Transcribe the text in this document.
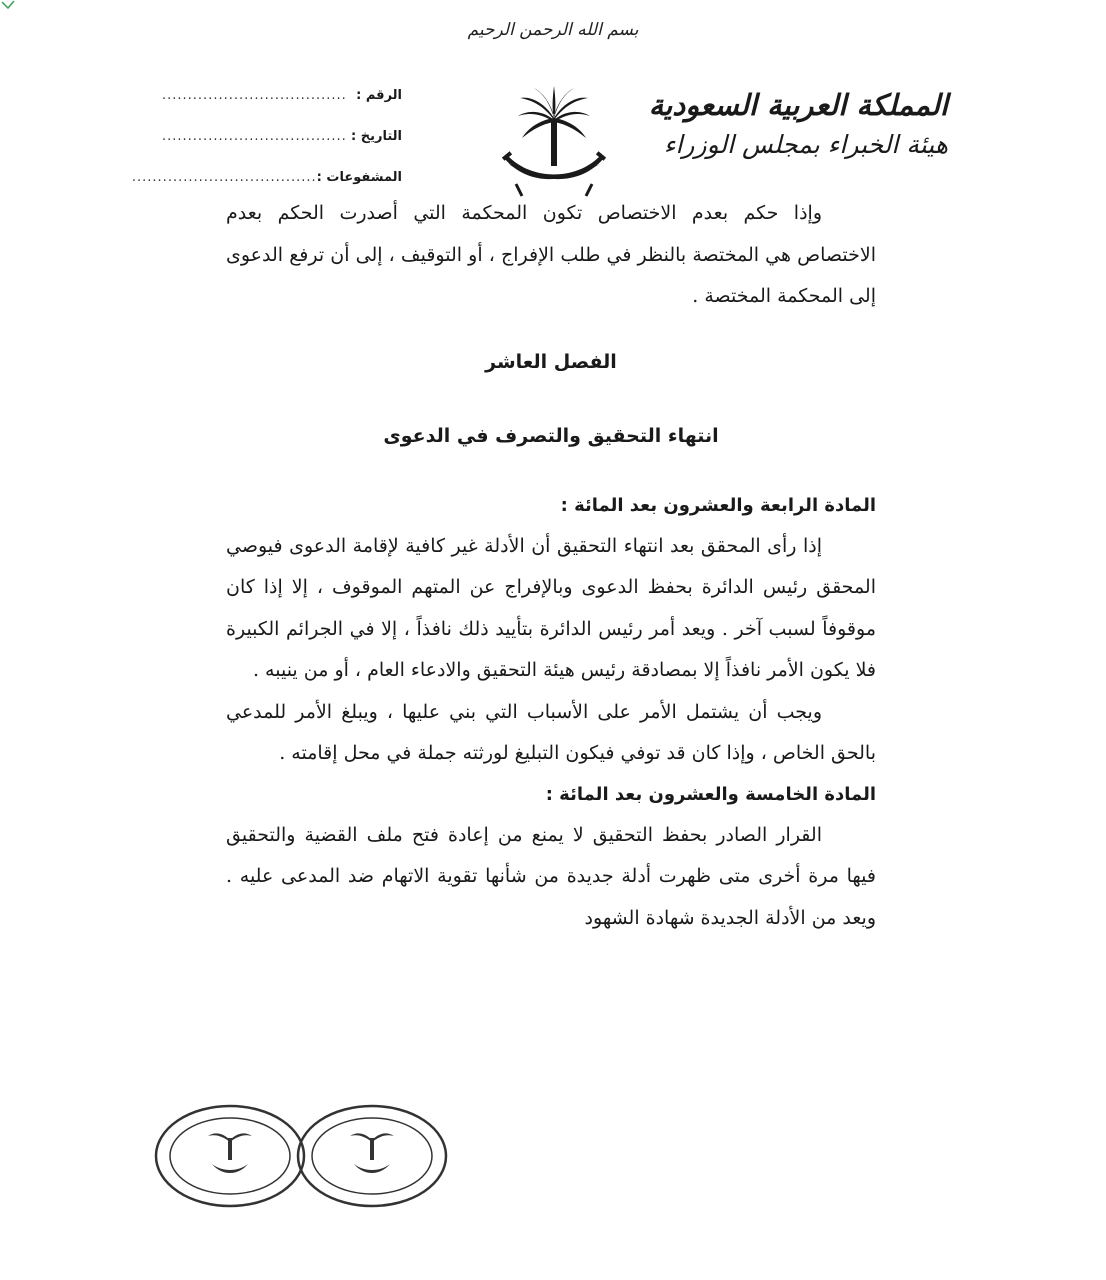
بسم الله الرحمن الرحيم
المملكة العربية السعودية
هيئة الخبراء بمجلس الوزراء
الرقم :
....................................
التاريخ :
....................................
المشفوعات :
....................................

وإذا حكم بعدم الاختصاص تكون المحكمة التي أصدرت الحكم بعدم الاختصاص هي المختصة بالنظر في طلب الإفراج ، أو التوقيف ، إلى أن ترفع الدعوى إلى المحكمة المختصة .

الفصل العاشر

انتهاء التحقيق والتصرف في الدعوى

المادة الرابعة والعشرون بعد المائة :

إذا رأى المحقق بعد انتهاء التحقيق أن الأدلة غير كافية لإقامة الدعوى فيوصي المحقق رئيس الدائرة بحفظ الدعوى وبالإفراج عن المتهم الموقوف ، إلا إذا كان موقوفاً لسبب آخر . ويعد أمر رئيس الدائرة بتأييد ذلك نافذاً ، إلا في الجرائم الكبيرة فلا يكون الأمر نافذاً إلا بمصادقة رئيس هيئة التحقيق والادعاء العام ، أو من ينيبه .

ويجب أن يشتمل الأمر على الأسباب التي بني عليها ، ويبلغ الأمر للمدعي بالحق الخاص ، وإذا كان قد توفي فيكون التبليغ لورثته جملة في محل إقامته .

المادة الخامسة والعشرون بعد المائة :

القرار الصادر بحفظ التحقيق لا يمنع من إعادة فتح ملف القضية والتحقيق فيها مرة أخرى متى ظهرت أدلة جديدة من شأنها تقوية الاتهام ضد المدعى عليه . ويعد من الأدلة الجديدة شهادة الشهود
